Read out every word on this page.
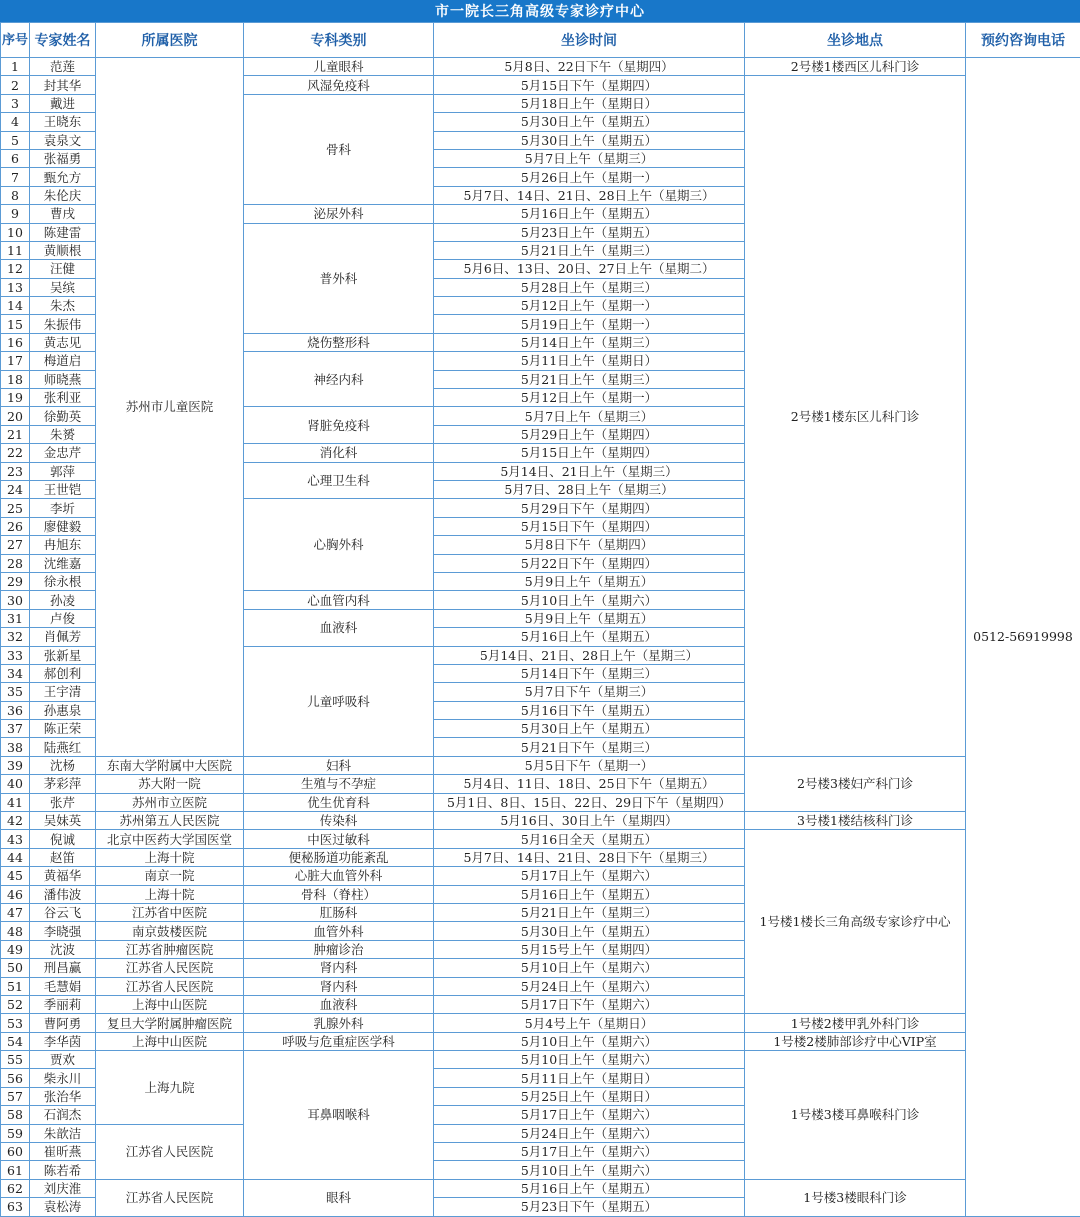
市一院长三角高级专家诊疗中心
序号	专家姓名	所属医院	专科类别	坐诊时间	坐诊地点	预约咨询电话
1	范莲	苏州市儿童医院	儿童眼科	5月8日、22日下午（星期四）	2号楼1楼西区儿科门诊	0512-56919998
2	封其华		风湿免疫科	5月15日下午（星期四）	2号楼1楼东区儿科门诊	
3	戴进		骨科	5月18日上午（星期日）		
4	王晓东			5月30日上午（星期五）		
5	袁泉文			5月30日上午（星期五）		
6	张福勇			5月7日上午（星期三）		
7	甄允方			5月26日上午（星期一）		
8	朱伦庆			5月7日、14日、21日、28日上午（星期三）		
9	曹戌		泌尿外科	5月16日上午（星期五）		
10	陈建雷		普外科	5月23日上午（星期五）		
11	黄顺根			5月21日上午（星期三）		
12	汪健			5月6日、13日、20日、27日上午（星期二）		
13	吴缤			5月28日上午（星期三）		
14	朱杰			5月12日上午（星期一）		
15	朱振伟			5月19日上午（星期一）		
16	黄志见		烧伤整形科	5月14日上午（星期三）		
17	梅道启		神经内科	5月11日上午（星期日）		
18	师晓燕			5月21日上午（星期三）		
19	张利亚			5月12日上午（星期一）		
20	徐勤英		肾脏免疫科	5月7日上午（星期三）		
21	朱赟			5月29日上午（星期四）		
22	金忠芹		消化科	5月15日上午（星期四）		
23	郭萍		心理卫生科	5月14日、21日上午（星期三）		
24	王世铠			5月7日、28日上午（星期三）		
25	李圻		心胸外科	5月29日下午（星期四）		
26	廖健毅			5月15日下午（星期四）		
27	冉旭东			5月8日下午（星期四）		
28	沈维嘉			5月22日下午（星期四）		
29	徐永根			5月9日上午（星期五）		
30	孙凌		心血管内科	5月10日上午（星期六）		
31	卢俊		血液科	5月9日上午（星期五）		
32	肖佩芳			5月16日上午（星期五）		
33	张新星		儿童呼吸科	5月14日、21日、28日上午（星期三）		
34	郝创利			5月14日下午（星期三）		
35	王宇清			5月7日下午（星期三）		
36	孙惠泉			5月16日下午（星期五）		
37	陈正荣			5月30日上午（星期五）		
38	陆燕红			5月21日下午（星期三）		
39	沈杨	东南大学附属中大医院	妇科	5月5日下午（星期一）	2号楼3楼妇产科门诊	
40	茅彩萍	苏大附一院	生殖与不孕症	5月4日、11日、18日、25日下午（星期五）		
41	张芹	苏州市立医院	优生优育科	5月1日、8日、15日、22日、29日下午（星期四）		
42	吴妹英	苏州第五人民医院	传染科	5月16日、30日上午（星期四）	3号楼1楼结核科门诊	
43	倪诚	北京中医药大学国医堂	中医过敏科	5月16日全天（星期五）	1号楼1楼长三角高级专家诊疗中心	
44	赵笛	上海十院	便秘肠道功能紊乱	5月7日、14日、21日、28日下午（星期三）		
45	黄福华	南京一院	心脏大血管外科	5月17日上午（星期六）		
46	潘伟波	上海十院	骨科（脊柱）	5月16日上午（星期五）		
47	谷云飞	江苏省中医院	肛肠科	5月21日上午（星期三）		
48	李晓强	南京鼓楼医院	血管外科	5月30日上午（星期五）		
49	沈波	江苏省肿瘤医院	肿瘤诊治	5月15号上午（星期四）		
50	刑昌赢	江苏省人民医院	肾内科	5月10日上午（星期六）		
51	毛慧娟	江苏省人民医院	肾内科	5月24日上午（星期六）		
52	季丽莉	上海中山医院	血液科	5月17日下午（星期六）		
53	曹阿勇	复旦大学附属肿瘤医院	乳腺外科	5月4号上午（星期日）	1号楼2楼甲乳外科门诊	
54	李华茵	上海中山医院	呼吸与危重症医学科	5月10日上午（星期六）	1号楼2楼肺部诊疗中心VIP室	
55	贾欢	上海九院	耳鼻咽喉科	5月10日上午（星期六）	1号楼3楼耳鼻喉科门诊	
56	柴永川			5月11日上午（星期日）		
57	张治华			5月25日上午（星期日）		
58	石润杰			5月17日上午（星期六）		
59	朱歆洁	江苏省人民医院		5月24日上午（星期六）		
60	崔昕燕			5月17日上午（星期六）		
61	陈若希			5月10日上午（星期六）		
62	刘庆淮	江苏省人民医院	眼科	5月16日上午（星期五）	1号楼3楼眼科门诊	
63	袁松涛			5月23日下午（星期五）		
